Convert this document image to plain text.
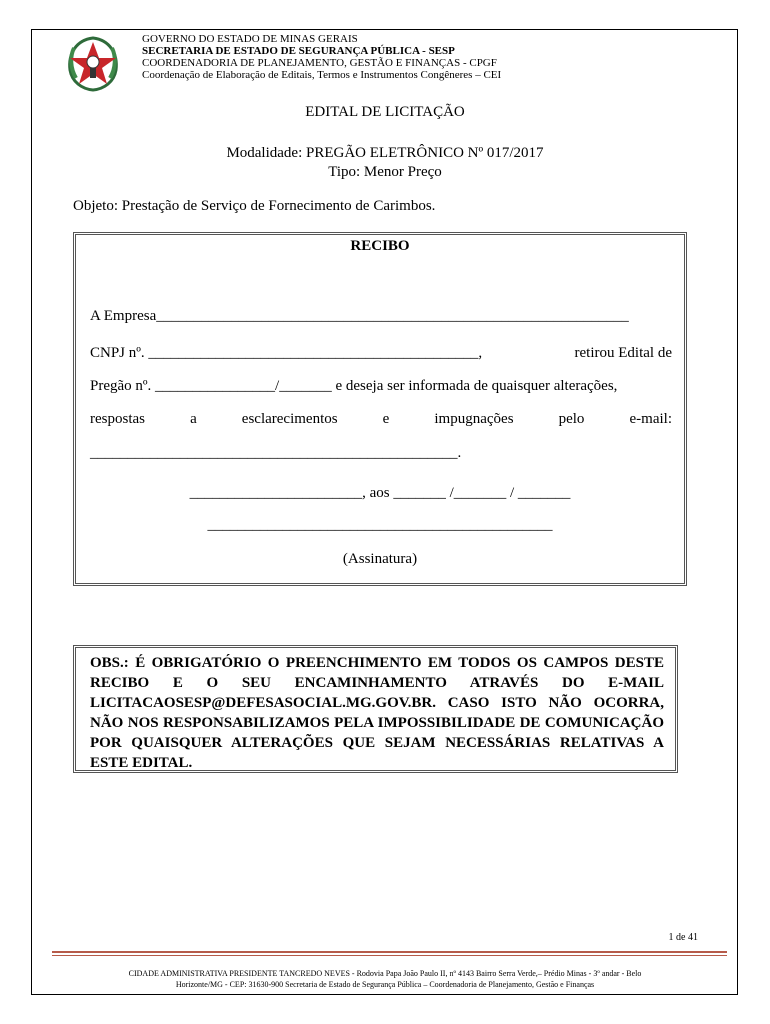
GOVERNO DO ESTADO DE MINAS GERAIS
SECRETARIA DE ESTADO DE SEGURANÇA PÚBLICA - SESP
COORDENADORIA DE PLANEJAMENTO, GESTÃO E FINANÇAS - CPGF
Coordenação de Elaboração de Editais, Termos e Instrumentos Congêneres – CEI
EDITAL DE LICITAÇÃO
Modalidade: PREGÃO ELETRÔNICO Nº 017/2017
Tipo: Menor Preço
Objeto: Prestação de Serviço de Fornecimento de Carimbos.
RECIBO
A Empresa_______________________________________________________________
CNPJ nº. ____________________________________________,	retirou Edital de
Pregão nº. ________________/_______ e deseja ser informada de quaisquer alterações,
respostas	a	esclarecimentos	e	impugnações	pelo	e-mail:
_________________________________________________.
_______________________, aos _______ /_______ / _______
______________________________________________
(Assinatura)
OBS.: É OBRIGATÓRIO O PREENCHIMENTO EM TODOS OS CAMPOS DESTE RECIBO E O SEU ENCAMINHAMENTO ATRAVÉS DO E-MAIL LICITACAOSESP@DEFESASOCIAL.MG.GOV.BR. CASO ISTO NÃO OCORRA, NÃO NOS RESPONSABILIZAMOS PELA IMPOSSIBILIDADE DE COMUNICAÇÃO POR QUAISQUER ALTERAÇÕES QUE SEJAM NECESSÁRIAS RELATIVAS A ESTE EDITAL.
1 de 41
CIDADE ADMINISTRATIVA PRESIDENTE TANCREDO NEVES - Rodovia Papa João Paulo II, nº 4143 Bairro Serra Verde,– Prédio Minas - 3º andar - Belo
Horizonte/MG - CEP: 31630-900 Secretaria de Estado de Segurança Pública – Coordenadoria de Planejamento, Gestão e Finanças
